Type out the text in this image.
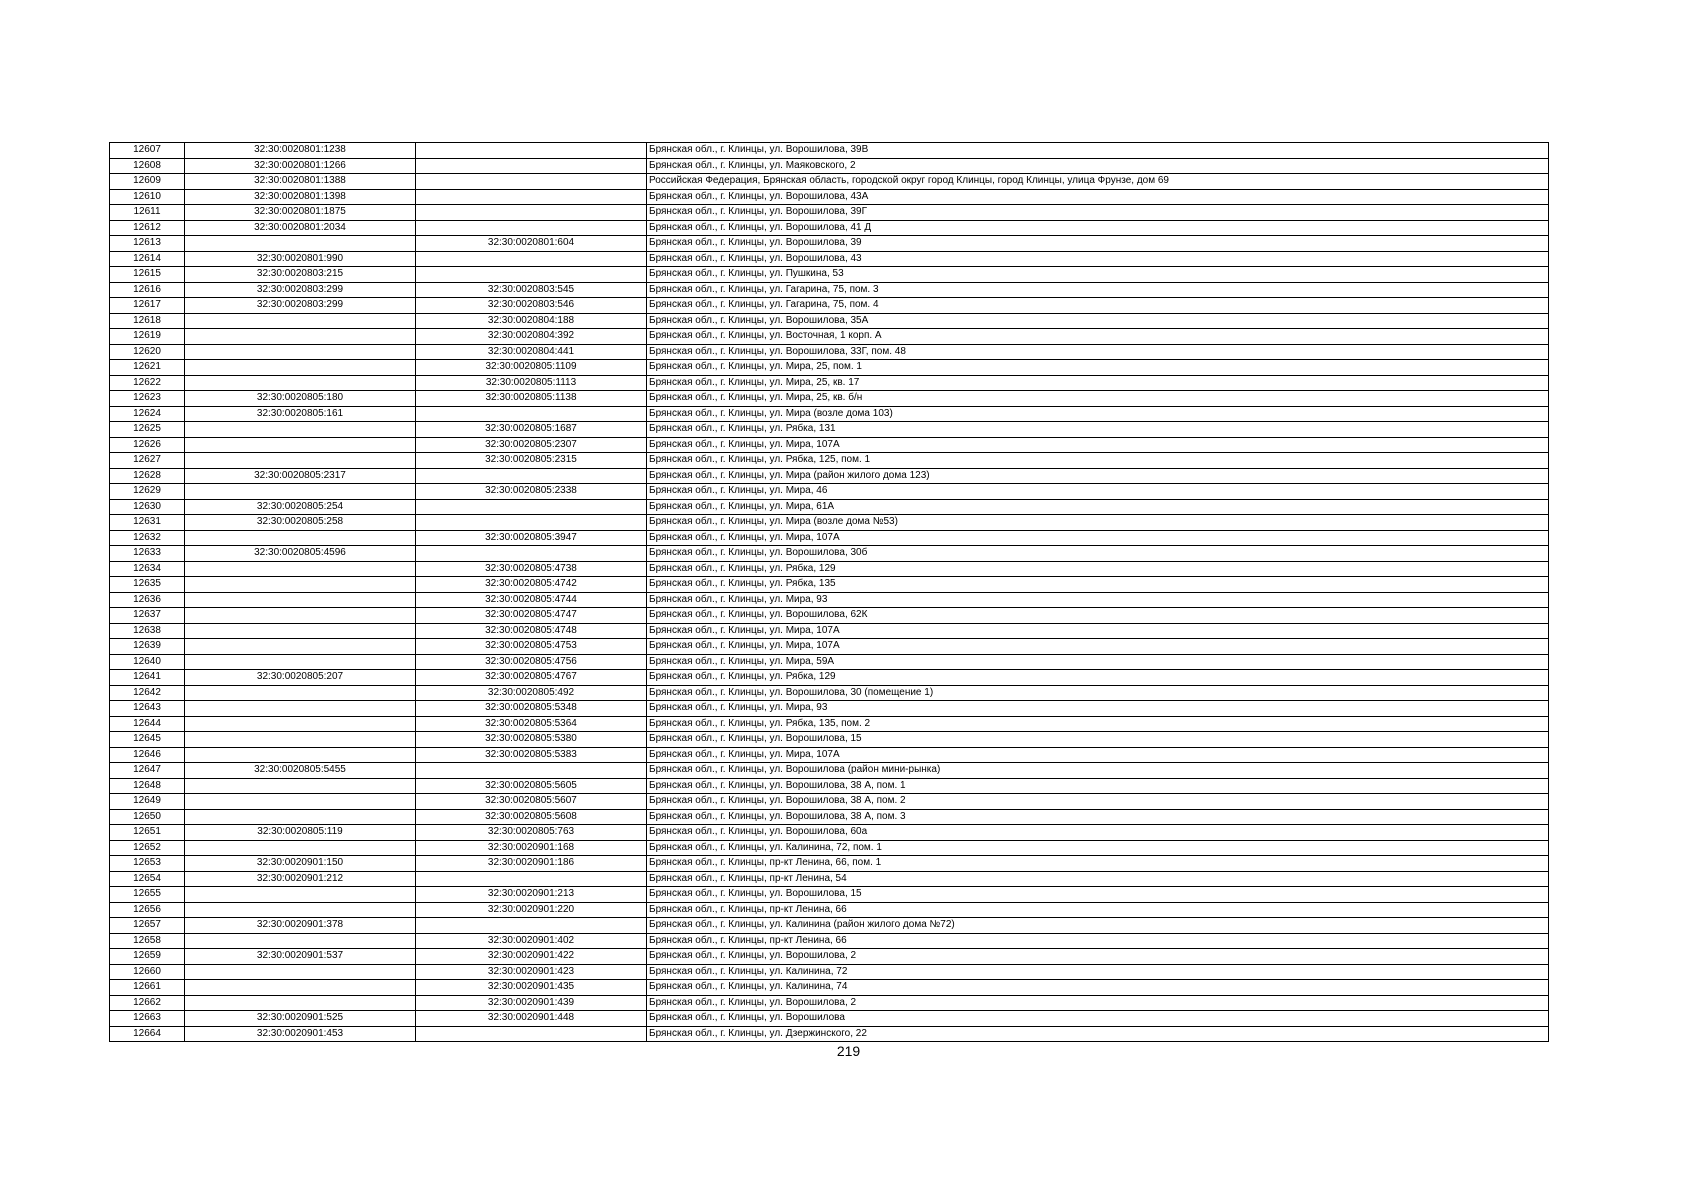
12607	32:30:0020801:1238		Брянская обл., г. Клинцы, ул. Ворошилова, 39В
12608	32:30:0020801:1266		Брянская обл., г. Клинцы, ул. Маяковского, 2
12609	32:30:0020801:1388		Российская Федерация, Брянская область, городской округ город Клинцы, город Клинцы, улица Фрунзе, дом 69
12610	32:30:0020801:1398		Брянская обл., г. Клинцы, ул. Ворошилова, 43А
12611	32:30:0020801:1875		Брянская обл., г. Клинцы, ул. Ворошилова, 39Г
12612	32:30:0020801:2034		Брянская обл., г. Клинцы, ул. Ворошилова, 41 Д
12613		32:30:0020801:604	Брянская обл., г. Клинцы, ул. Ворошилова, 39
12614	32:30:0020801:990		Брянская обл., г. Клинцы, ул. Ворошилова, 43
12615	32:30:0020803:215		Брянская обл., г. Клинцы, ул. Пушкина, 53
12616	32:30:0020803:299	32:30:0020803:545	Брянская обл., г. Клинцы, ул. Гагарина, 75, пом. 3
12617	32:30:0020803:299	32:30:0020803:546	Брянская обл., г. Клинцы, ул. Гагарина, 75, пом. 4
12618		32:30:0020804:188	Брянская обл., г. Клинцы, ул. Ворошилова, 35А
12619		32:30:0020804:392	Брянская обл., г. Клинцы, ул. Восточная, 1 корп. А
12620		32:30:0020804:441	Брянская обл., г. Клинцы, ул. Ворошилова, 33Г, пом. 48
12621		32:30:0020805:1109	Брянская обл., г. Клинцы, ул. Мира, 25, пом. 1
12622		32:30:0020805:1113	Брянская обл., г. Клинцы, ул. Мира, 25, кв. 17
12623	32:30:0020805:180	32:30:0020805:1138	Брянская обл., г. Клинцы, ул. Мира, 25, кв. б/н
12624	32:30:0020805:161		Брянская обл., г. Клинцы, ул. Мира (возле дома 103)
12625		32:30:0020805:1687	Брянская обл., г. Клинцы, ул. Рябка, 131
12626		32:30:0020805:2307	Брянская обл., г. Клинцы, ул. Мира, 107А
12627		32:30:0020805:2315	Брянская обл., г. Клинцы, ул. Рябка, 125, пом. 1
12628	32:30:0020805:2317		Брянская обл., г. Клинцы, ул. Мира (район жилого дома 123)
12629		32:30:0020805:2338	Брянская обл., г. Клинцы, ул. Мира, 46
12630	32:30:0020805:254		Брянская обл., г. Клинцы, ул. Мира, 61А
12631	32:30:0020805:258		Брянская обл., г. Клинцы, ул. Мира (возле дома №53)
12632		32:30:0020805:3947	Брянская обл., г. Клинцы, ул. Мира, 107А
12633	32:30:0020805:4596		Брянская обл., г. Клинцы, ул. Ворошилова, 30б
12634		32:30:0020805:4738	Брянская обл., г. Клинцы, ул. Рябка, 129
12635		32:30:0020805:4742	Брянская обл., г. Клинцы, ул. Рябка, 135
12636		32:30:0020805:4744	Брянская обл., г. Клинцы, ул. Мира, 93
12637		32:30:0020805:4747	Брянская обл., г. Клинцы, ул. Ворошилова, 62К
12638		32:30:0020805:4748	Брянская обл., г. Клинцы, ул. Мира, 107А
12639		32:30:0020805:4753	Брянская обл., г. Клинцы, ул. Мира, 107А
12640		32:30:0020805:4756	Брянская обл., г. Клинцы, ул. Мира, 59А
12641	32:30:0020805:207	32:30:0020805:4767	Брянская обл., г. Клинцы, ул. Рябка, 129
12642		32:30:0020805:492	Брянская обл., г. Клинцы, ул. Ворошилова, 30 (помещение 1)
12643		32:30:0020805:5348	Брянская обл., г. Клинцы, ул. Мира, 93
12644		32:30:0020805:5364	Брянская обл., г. Клинцы, ул. Рябка, 135, пом. 2
12645		32:30:0020805:5380	Брянская обл., г. Клинцы, ул. Ворошилова, 15
12646		32:30:0020805:5383	Брянская обл., г. Клинцы, ул. Мира, 107А
12647	32:30:0020805:5455		Брянская обл., г. Клинцы, ул. Ворошилова (район мини-рынка)
12648		32:30:0020805:5605	Брянская обл., г. Клинцы, ул. Ворошилова, 38 А, пом. 1
12649		32:30:0020805:5607	Брянская обл., г. Клинцы, ул. Ворошилова, 38 А, пом. 2
12650		32:30:0020805:5608	Брянская обл., г. Клинцы, ул. Ворошилова, 38 А, пом. 3
12651	32:30:0020805:119	32:30:0020805:763	Брянская обл., г. Клинцы, ул. Ворошилова, 60а
12652		32:30:0020901:168	Брянская обл., г. Клинцы, ул. Калинина, 72, пом. 1
12653	32:30:0020901:150	32:30:0020901:186	Брянская обл., г. Клинцы, пр-кт Ленина, 66, пом. 1
12654	32:30:0020901:212		Брянская обл., г. Клинцы, пр-кт Ленина, 54
12655		32:30:0020901:213	Брянская обл., г. Клинцы, ул. Ворошилова, 15
12656		32:30:0020901:220	Брянская обл., г. Клинцы, пр-кт Ленина, 66
12657	32:30:0020901:378		Брянская обл., г. Клинцы, ул. Калинина (район жилого дома №72)
12658		32:30:0020901:402	Брянская обл., г. Клинцы, пр-кт Ленина, 66
12659	32:30:0020901:537	32:30:0020901:422	Брянская обл., г. Клинцы, ул. Ворошилова, 2
12660		32:30:0020901:423	Брянская обл., г. Клинцы, ул. Калинина, 72
12661		32:30:0020901:435	Брянская обл., г. Клинцы, ул. Калинина, 74
12662		32:30:0020901:439	Брянская обл., г. Клинцы, ул. Ворошилова, 2
12663	32:30:0020901:525	32:30:0020901:448	Брянская обл., г. Клинцы, ул. Ворошилова
12664	32:30:0020901:453		Брянская обл., г. Клинцы, ул. Дзержинского, 22
219
